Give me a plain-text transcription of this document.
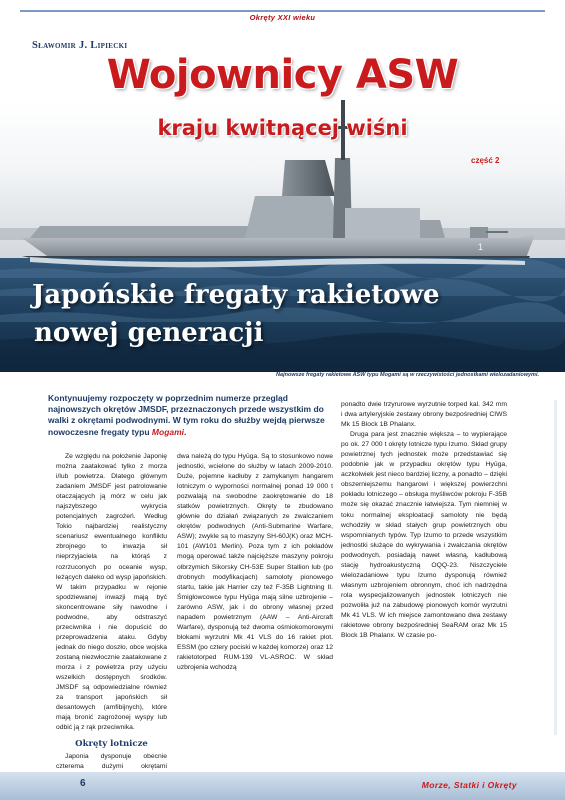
Okręty XXI wieku
1
Sławomir J. Lipiecki
Wojownicy ASW
kraju kwitnącej wiśni
część 2
Japońskie fregaty rakietowe
nowej generacji
Najnowsze fregaty rakietowe ASW typu Mogami są w rzeczywistości jednostkami wielozadaniowymi.
Kontynuujemy rozpoczęty w poprzednim numerze przegląd najnowszych okrętów JMSDF, przeznaczonych przede wszystkim do walki z okrętami podwodnymi. W tym roku do służby wejdą pierwsze nowoczesne fregaty typu Mogami.

Ze względu na położenie Japonię można zaatakować tylko z morza i/lub powietrza. Dlatego głównym zadaniem JMSDF jest patrolowanie otaczających ją mórz w celu jak najszybszego wykrycia potencjalnych zagrożeń. Według Tokio najbardziej realistyczny scenariusz ewentualnego konfliktu zbrojnego to inwazja sił nieprzyjaciela na którąś z rozrzuconych po oceanie wysp, leżących daleko od wysp japońskich. W takim przypadku w rejonie spodziewanej inwazji mają być skoncentrowane siły nawodne i podwodne, aby odstraszyć przeciwnika i nie dopuścić do przeprowadzenia ataku. Gdyby jednak do niego doszło, obce wojska zostaną niezwłocznie zaatakowane z morza i z powietrza przy użyciu wszelkich dostępnych środków. JMSDF są odpowiedzialne również za transport japońskich sił desantowych (amfibijnych), które mają bronić zagrożonej wyspy lub odbić ją z rąk przeciwnika.

Okręty lotnicze

Japonia dysponuje obecnie czterema dużymi okrętami

dwa należą do typu Hyūga. Są to stosunkowo nowe jednostki, wcielone do służby w latach 2009-2010. Duże, pojemne kadłuby z zamykanym hangarem lotniczym o wyporności normalnej ponad 19 000 t pozwalają na swobodne zaokrętowanie do 18 statków powietrznych. Okręty te zbudowano głównie do działań związanych ze zwalczaniem okrętów podwodnych (Anti-Submarine Warfare, ASW); zwykle są to maszyny SH-60J(K) oraz MCH-101 (AW101 Merlin). Poza tym z ich pokładów mogą operować także najcięższe maszyny pokroju olbrzymich Sikorsky CH-53E Super Stallion lub (po drobnych modyfikacjach) samoloty pionowego startu, takie jak Harrier czy też F-35B Lightning II. Śmigłowcowce typu Hyūga mają silne uzbrojenie – zarówno ASW, jak i do obrony własnej przed napadem powietrznym (AAW – Anti-Aircraft Warfare), dysponują też dwoma ośmiokomorowymi blokami wyrzutni Mk 41 VLS do 16 rakiet plot. ESSM (po cztery pociski w każdej komorze) oraz 12 rakietotorped RUM-139 VL-ASROC. W skład uzbrojenia wchodzą

ponadto dwie trzyrurowe wyrzutnie torped kal. 342 mm i dwa artyleryjskie zestawy obrony bezpośredniej CIWS Mk 15 Block 1B Phalanx.

Druga para jest znacznie większa – to wypierające po ok. 27 000 t okręty lotnicze typu Izumo. Skład grupy powietrznej tych jednostek może przedstawiać się podobnie jak w przypadku okrętów typu Hyūga, aczkolwiek jest nieco bardziej liczny, a ponadto – dzięki obszerniejszemu hangarowi i większej powierzchni pokładu lotniczego – obsługa myśliwców pokroju F-35B może się okazać znacznie łatwiejsza. Tym niemniej w toku normalnej eksploatacji samoloty nie będą wchodziły w skład stałych grup powietrznych obu wspomnianych typów. Typ Izumo to przede wszystkim jednostki służące do wykrywania i zwalczania okrętów podwodnych, posiadają nawet własną, kadłubową stację hydroakustyczną OQQ-23. Niszczyciele wielozadaniowe typu Izumo dysponują również własnym uzbrojeniem obronnym, choć ich nadrzędna rola wyspecjalizowanych jednostek lotniczych nie pozwoliła już na zabudowę pionowych komór wyrzutni Mk 41 VLS. W ich miejsce zamontowano dwa zestawy rakietowe obrony bezpośredniej SeaRAM oraz Mk 15 Block 1B Phalanx. W czasie po-

6	Morze, Statki i Okręty
